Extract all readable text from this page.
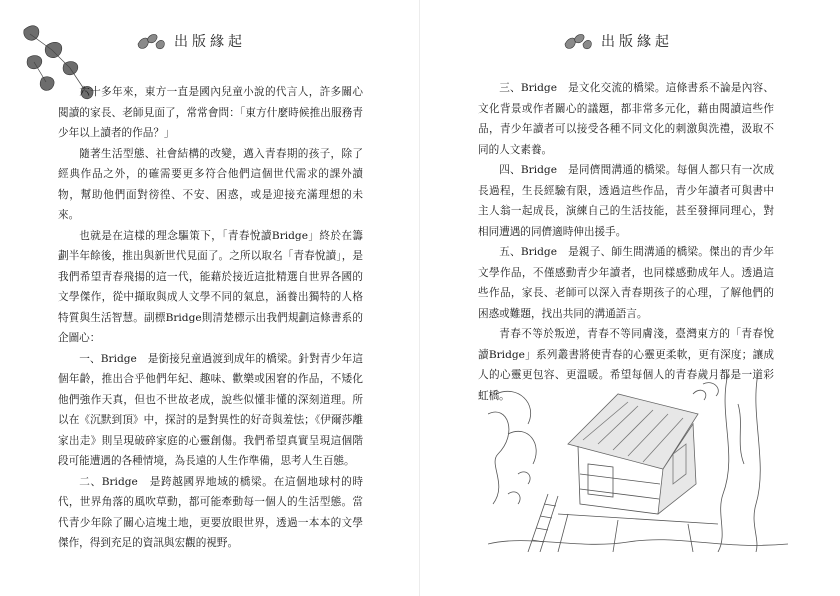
出版緣起

六十多年來，東方一直是國內兒童小說的代言人，許多關心閱讀的家長、老師見面了，常常會問：「東方什麼時候推出服務青少年以上讀者的作品？」

隨著生活型態、社會結構的改變，邁入青春期的孩子，除了經典作品之外，的確需要更多符合他們這個世代需求的課外讀物，幫助他們面對徬徨、不安、困惑，或是迎接充滿理想的未來。

也就是在這樣的理念驅策下，「青春悅讀Bridge」終於在籌劃半年餘後，推出與新世代見面了。之所以取名「青春悅讀」，是我們希望青春飛揚的這一代，能藉於接近這批精選自世界各國的文學傑作，從中擷取與成人文學不同的氣息，涵養出獨特的人格特質與生活智慧。副標Bridge則清楚標示出我們規劃這條書系的企圖心：

一、Bridge　是銜接兒童過渡到成年的橋梁。針對青少年這個年齡，推出合乎他們年紀、趣味、歡樂或困窘的作品，不矮化他們強作天真，但也不世故老成，說些似懂非懂的深刻道理。所以在《沉默到頂》中，探討的是對異性的好奇與羞怯；《伊爾莎離家出走》則呈現破碎家庭的心靈創傷。我們希望真實呈現這個階段可能遭遇的各種情境，為長遠的人生作準備，思考人生百態。

二、Bridge　是跨越國界地域的橋梁。在這個地球村的時代，世界角落的風吹草動，都可能牽動每一個人的生活型態。當代青少年除了關心這塊土地，更要放眼世界，透過一本本的文學傑作，得到充足的資訊與宏觀的視野。

出版緣起

三、Bridge　是文化交流的橋梁。這條書系不論是內容、文化背景或作者關心的議題，都非常多元化，藉由閱讀這些作品，青少年讀者可以接受各種不同文化的刺激與洗禮，汲取不同的人文素養。

四、Bridge　是同儕間溝通的橋梁。每個人都只有一次成長過程，生長經驗有限，透過這些作品，青少年讀者可與書中主人翁一起成長，演練自己的生活技能，甚至發揮同理心，對相同遭遇的同儕適時伸出援手。

五、Bridge　是親子、師生間溝通的橋梁。傑出的青少年文學作品，不僅感動青少年讀者，也同樣感動成年人。透過這些作品，家長、老師可以深入青春期孩子的心理，了解他們的困惑或難題，找出共同的溝通語言。

青春不等於叛逆，青春不等同膚淺，臺灣東方的「青春悅讀Bridge」系列叢書將使青春的心靈更柔軟，更有深度；讓成人的心靈更包容、更溫暖。希望每個人的青春歲月都是一道彩虹橋。
